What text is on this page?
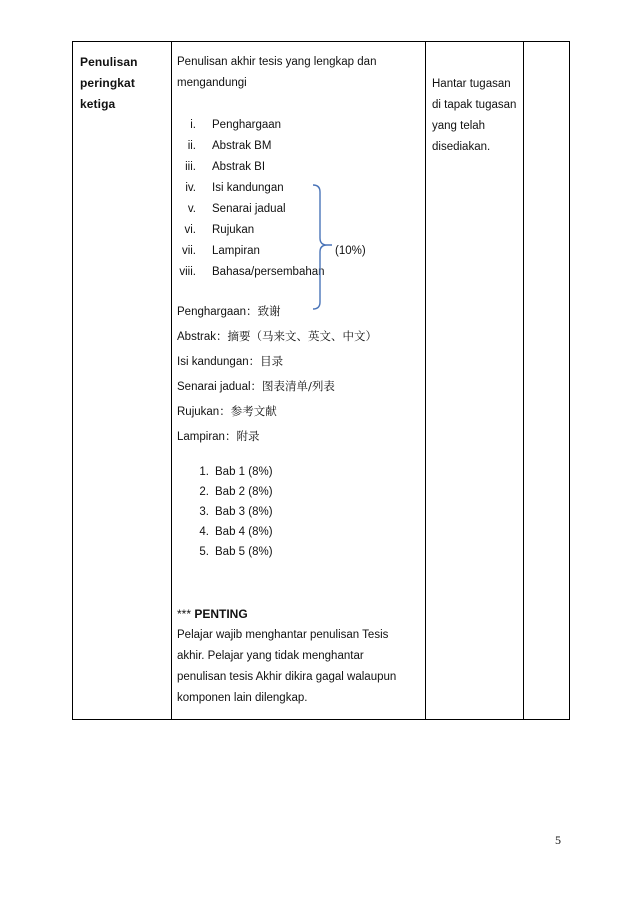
Penulisan
peringkat
ketiga
Penulisan akhir tesis yang lengkap dan
mengandungi
i. Penghargaan
ii. Abstrak BM
iii. Abstrak BI
iv. Isi kandungan
v. Senarai jadual
vi. Rujukan
vii. Lampiran
viii. Bahasa/persembahan
(10%)
Penghargaan：致谢
Abstrak：摘要（马来文、英文、中文）
Isi kandungan：目录
Senarai jadual：图表清单/列表
Rujukan：参考文献
Lampiran：附录
1. Bab 1 (8%)
2. Bab 2 (8%)
3. Bab 3 (8%)
4. Bab 4 (8%)
5. Bab 5 (8%)
*** PENTING
Pelajar wajib menghantar penulisan Tesis
akhir. Pelajar yang tidak menghantar
penulisan tesis Akhir dikira gagal walaupun
komponen lain dilengkap.
Hantar tugasan
di tapak tugasan
yang telah
disediakan.
5
